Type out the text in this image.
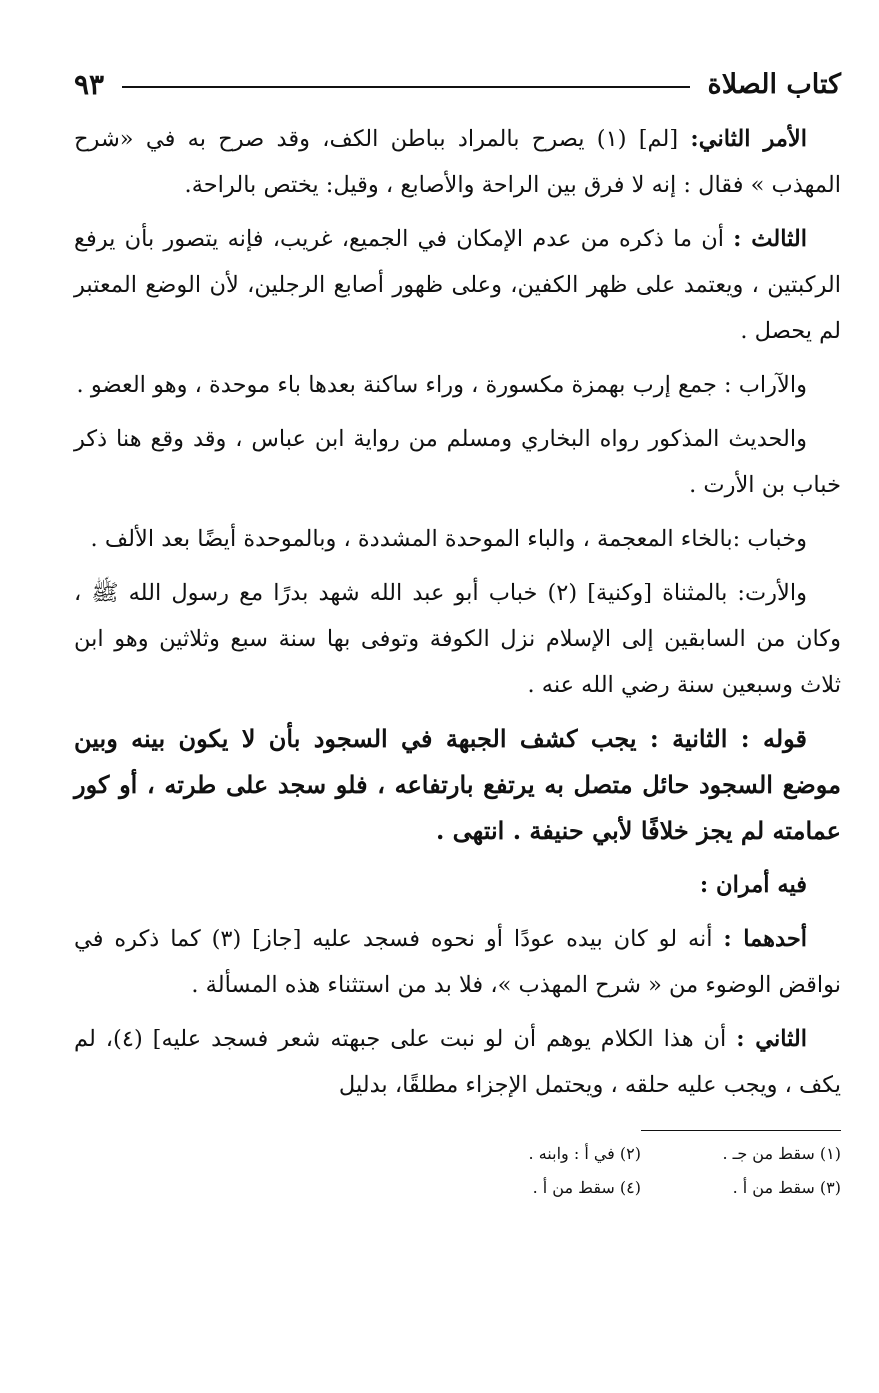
كتاب الصلاة
٩٣

الأمر الثاني: [لم] (١) يصرح بالمراد بباطن الكف، وقد صرح به في «شرح المهذب » فقال : إنه لا فرق بين الراحة والأصابع ، وقيل: يختص بالراحة.

الثالث : أن ما ذكره من عدم الإمكان في الجميع، غريب، فإنه يتصور بأن يرفع الركبتين ، ويعتمد على ظهر الكفين، وعلى ظهور أصابع الرجلين، لأن الوضع المعتبر لم يحصل .

والآراب : جمع إرب بهمزة مكسورة ، وراء ساكنة بعدها باء موحدة ، وهو العضو .

والحديث المذكور رواه البخاري ومسلم من رواية ابن عباس ، وقد وقع هنا ذكر خباب بن الأرت .

وخباب :بالخاء المعجمة ، والباء الموحدة المشددة ، وبالموحدة أيضًا بعد الألف .

والأرت: بالمثناة [وكنية] (٢) خباب أبو عبد الله شهد بدرًا مع رسول الله ﷺ ، وكان من السابقين إلى الإسلام نزل الكوفة وتوفى بها سنة سبع وثلاثين وهو ابن ثلاث وسبعين سنة رضي الله عنه .

قوله : الثانية : يجب كشف الجبهة في السجود بأن لا يكون بينه وبين موضع السجود حائل متصل به يرتفع بارتفاعه ، فلو سجد على طرته ، أو كور عمامته لم يجز خلافًا لأبي حنيفة . انتهى .

فيه أمران :

أحدهما : أنه لو كان بيده عودًا أو نحوه فسجد عليه [جاز] (٣) كما ذكره في نواقض الوضوء من « شرح المهذب »، فلا بد من استثناء هذه المسألة .

الثاني : أن هذا الكلام يوهم أن لو نبت على جبهته شعر فسجد عليه] (٤)، لم يكف ، ويجب عليه حلقه ، ويحتمل الإجزاء مطلقًا، بدليل

(١) سقط من جـ .
(٢) في أ : وابنه .
(٣) سقط من أ .
(٤) سقط من أ .
